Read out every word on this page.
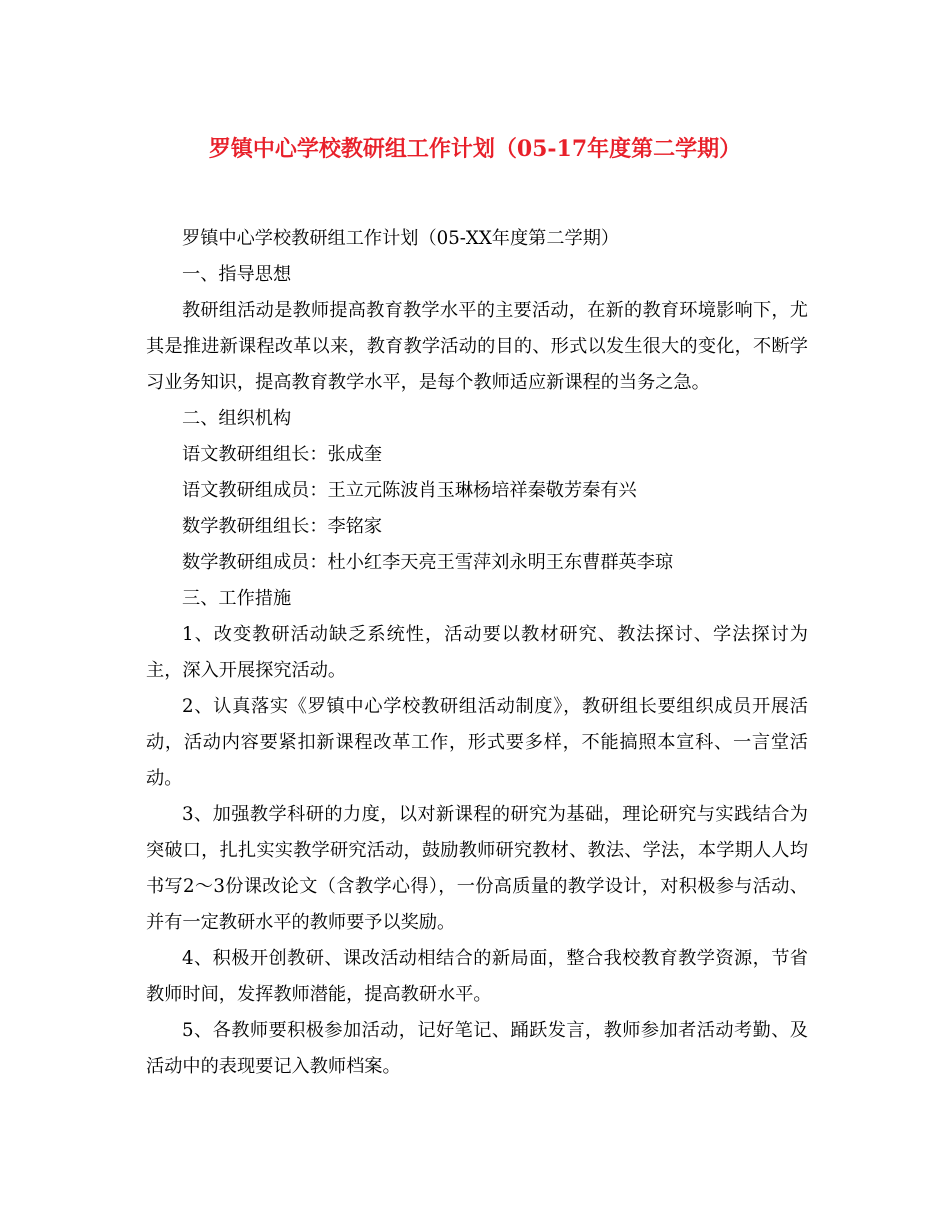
罗镇中心学校教研组工作计划（05-17年度第二学期）

罗镇中心学校教研组工作计划（05-XX年度第二学期）

一、指导思想

教研组活动是教师提高教育教学水平的主要活动，在新的教育环境影响下，尤其是推进新课程改革以来，教育教学活动的目的、形式以发生很大的变化，不断学习业务知识，提高教育教学水平，是每个教师适应新课程的当务之急。

二、组织机构

语文教研组组长：张成奎

语文教研组成员：王立元陈波肖玉琳杨培祥秦敬芳秦有兴

数学教研组组长：李铭家

数学教研组成员：杜小红李天亮王雪萍刘永明王东曹群英李琼

三、工作措施

1、改变教研活动缺乏系统性，活动要以教材研究、教法探讨、学法探讨为主，深入开展探究活动。

2、认真落实《罗镇中心学校教研组活动制度》，教研组长要组织成员开展活动，活动内容要紧扣新课程改革工作，形式要多样，不能搞照本宣科、一言堂活动。

3、加强教学科研的力度，以对新课程的研究为基础，理论研究与实践结合为突破口，扎扎实实教学研究活动，鼓励教师研究教材、教法、学法，本学期人人均书写2～3份课改论文（含教学心得），一份高质量的教学设计，对积极参与活动、并有一定教研水平的教师要予以奖励。

4、积极开创教研、课改活动相结合的新局面，整合我校教育教学资源，节省教师时间，发挥教师潜能，提高教研水平。

5、各教师要积极参加活动，记好笔记、踊跃发言，教师参加者活动考勤、及活动中的表现要记入教师档案。
